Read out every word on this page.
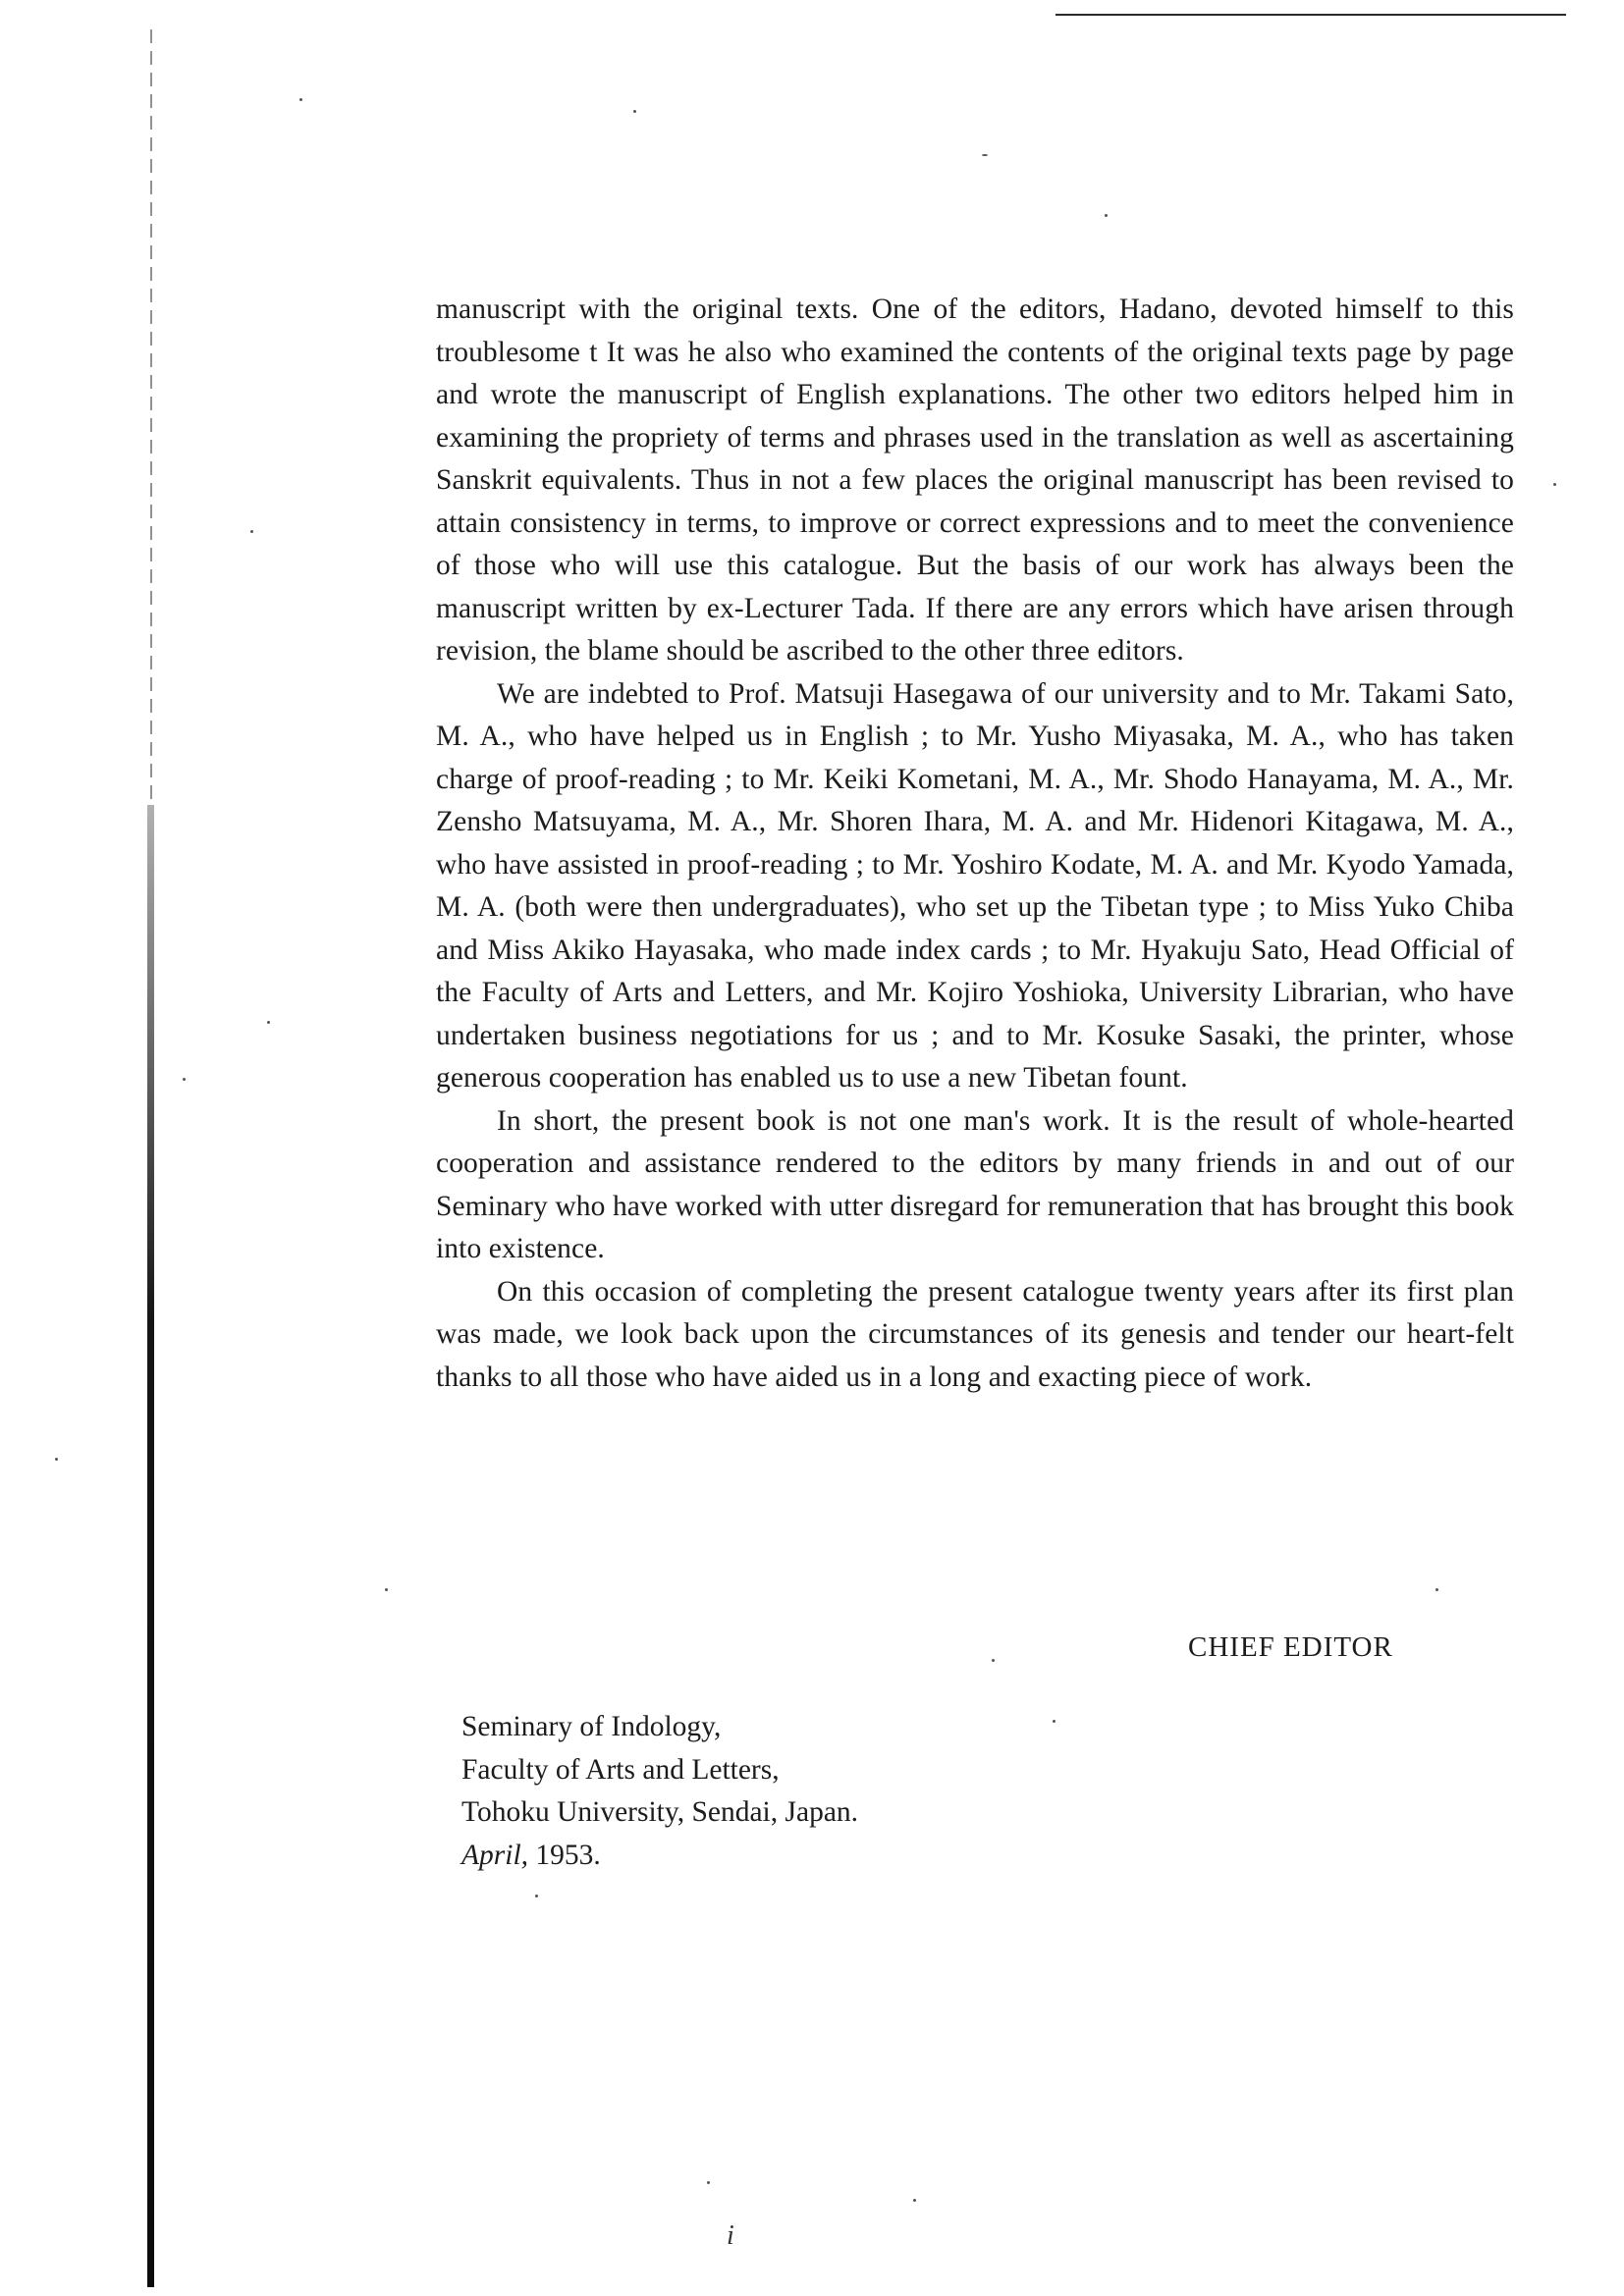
manuscript with the original texts. One of the editors, Hadano, devoted himself to this troublesome t It was he also who examined the contents of the original texts page by page and wrote the manuscript of English explanations. The other two editors helped him in examining the propriety of terms and phrases used in the translation as well as ascertaining Sanskrit equivalents. Thus in not a few places the original manuscript has been revised to attain consistency in terms, to improve or correct expressions and to meet the convenience of those who will use this catalogue. But the basis of our work has always been the manuscript written by ex-Lecturer Tada. If there are any errors which have arisen through revision, the blame should be ascribed to the other three editors.

We are indebted to Prof. Matsuji Hasegawa of our university and to Mr. Takami Sato, M. A., who have helped us in English ; to Mr. Yusho Miyasaka, M. A., who has taken charge of proof-reading ; to Mr. Keiki Kometani, M. A., Mr. Shodo Hanayama, M. A., Mr. Zensho Matsuyama, M. A., Mr. Shoren Ihara, M. A. and Mr. Hidenori Kitagawa, M. A., who have assisted in proof-reading ; to Mr. Yoshiro Kodate, M. A. and Mr. Kyodo Yamada, M. A. (both were then undergraduates), who set up the Tibetan type ; to Miss Yuko Chiba and Miss Akiko Hayasaka, who made index cards ; to Mr. Hyakuju Sato, Head Official of the Faculty of Arts and Letters, and Mr. Kojiro Yoshioka, University Librarian, who have undertaken business negotiations for us ; and to Mr. Kosuke Sasaki, the printer, whose generous cooperation has enabled us to use a new Tibetan fount.

In short, the present book is not one man's work. It is the result of whole-hearted cooperation and assistance rendered to the editors by many friends in and out of our Seminary who have worked with utter disregard for remuneration that has brought this book into existence.

On this occasion of completing the present catalogue twenty years after its first plan was made, we look back upon the circumstances of its genesis and tender our heart-felt thanks to all those who have aided us in a long and exacting piece of work.

CHIEF EDITOR
Seminary of Indology,
Faculty of Arts and Letters,
Tohoku University, Sendai, Japan.
April, 1953.
i
